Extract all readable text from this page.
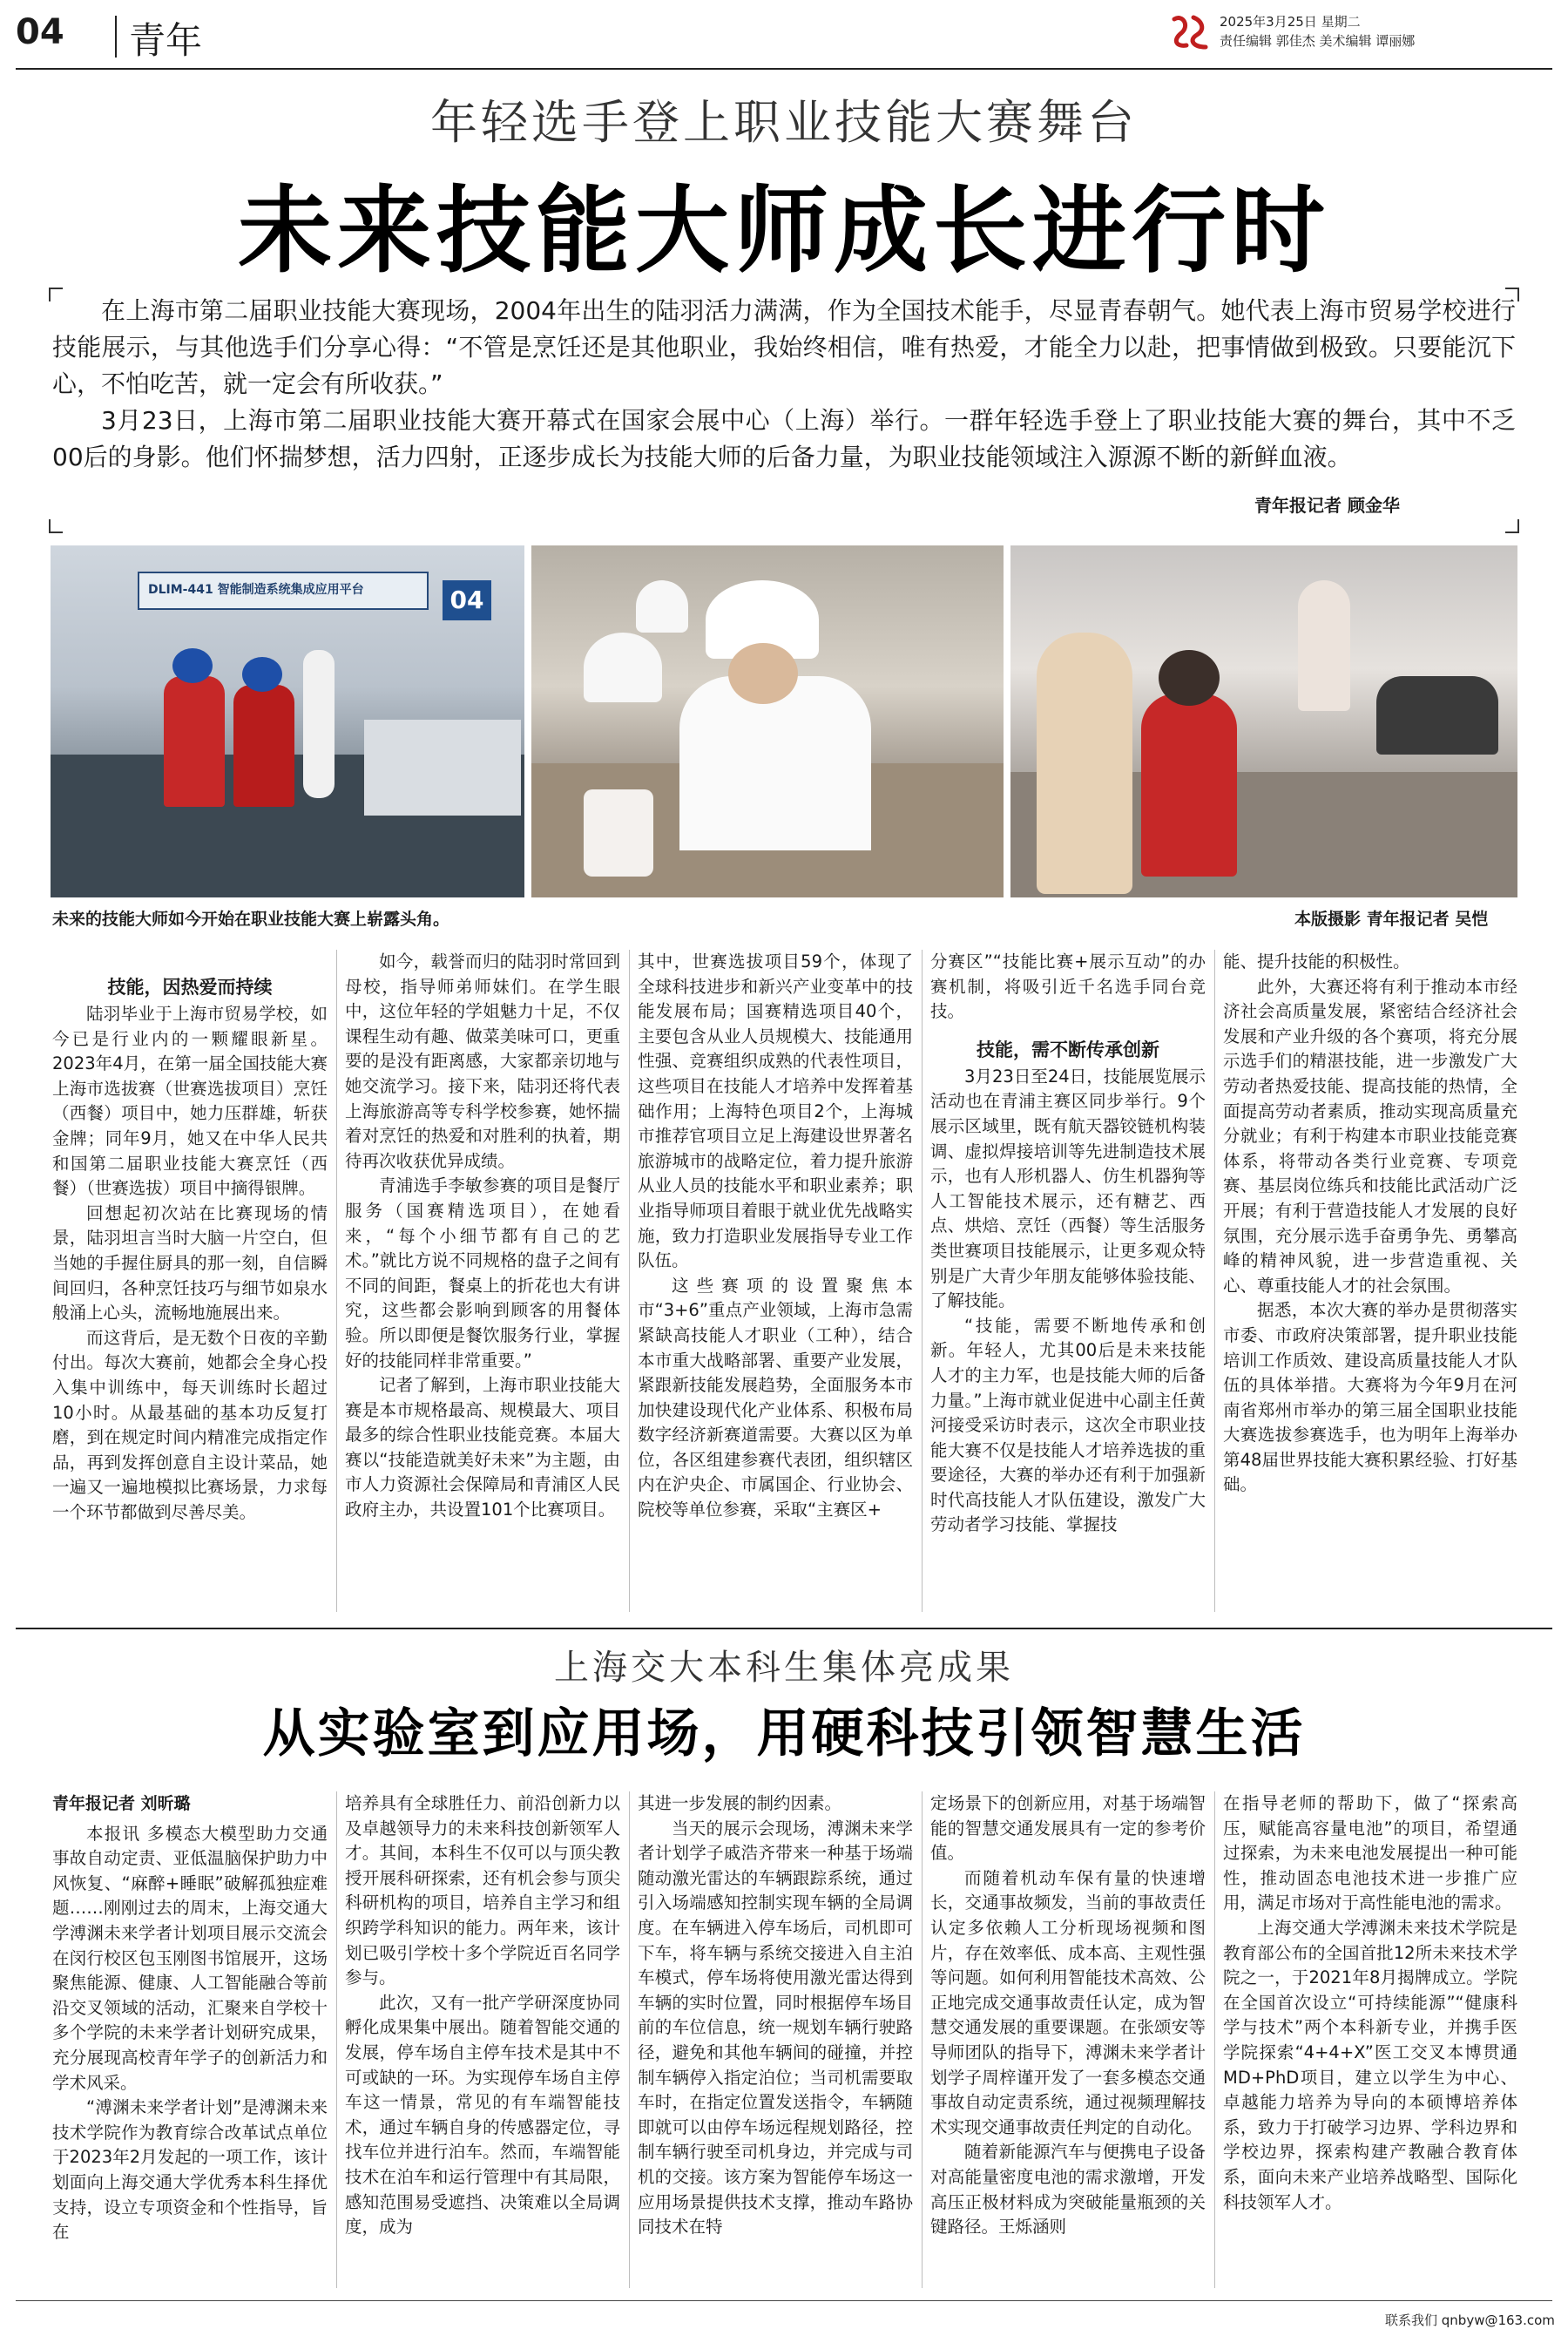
04 青年	2025年3月25日 星期二
责任编辑 郭佳杰 美术编辑 谭丽娜
年轻选手登上职业技能大赛舞台
未来技能大师成长进行时

在上海市第二届职业技能大赛现场，2004年出生的陆羽活力满满，作为全国技术能手，尽显青春朝气。她代表上海市贸易学校进行技能展示，与其他选手们分享心得：“不管是烹饪还是其他职业，我始终相信，唯有热爱，才能全力以赴，把事情做到极致。只要能沉下心，不怕吃苦，就一定会有所收获。”

3月23日，上海市第二届职业技能大赛开幕式在国家会展中心（上海）举行。一群年轻选手登上了职业技能大赛的舞台，其中不乏00后的身影。他们怀揣梦想，活力四射，正逐步成长为技能大师的后备力量，为职业技能领域注入源源不断的新鲜血液。

青年报记者 顾金华
DLIM-441 智能制造系统集成应用平台	04
未来的技能大师如今开始在职业技能大赛上崭露头角。	本版摄影 青年报记者 吴恺
技能，因热爱而持续

陆羽毕业于上海市贸易学校，如今已是行业内的一颗耀眼新星。2023年4月，在第一届全国技能大赛上海市选拔赛（世赛选拔项目）烹饪（西餐）项目中，她力压群雄，斩获金牌；同年9月，她又在中华人民共和国第二届职业技能大赛烹饪（西餐）（世赛选拔）项目中摘得银牌。

回想起初次站在比赛现场的情景，陆羽坦言当时大脑一片空白，但当她的手握住厨具的那一刻，自信瞬间回归，各种烹饪技巧与细节如泉水般涌上心头，流畅地施展出来。

而这背后，是无数个日夜的辛勤付出。每次大赛前，她都会全身心投入集中训练中，每天训练时长超过10小时。从最基础的基本功反复打磨，到在规定时间内精准完成指定作品，再到发挥创意自主设计菜品，她一遍又一遍地模拟比赛场景，力求每一个环节都做到尽善尽美。

如今，载誉而归的陆羽时常回到母校，指导师弟师妹们。在学生眼中，这位年轻的学姐魅力十足，不仅课程生动有趣、做菜美味可口，更重要的是没有距离感，大家都亲切地与她交流学习。接下来，陆羽还将代表上海旅游高等专科学校参赛，她怀揣着对烹饪的热爱和对胜利的执着，期待再次收获优异成绩。

青浦选手李敏参赛的项目是餐厅服务（国赛精选项目），在她看来，“每个小细节都有自己的艺术。”就比方说不同规格的盘子之间有不同的间距，餐桌上的折花也大有讲究，这些都会影响到顾客的用餐体验。所以即便是餐饮服务行业，掌握好的技能同样非常重要。”

记者了解到，上海市职业技能大赛是本市规格最高、规模最大、项目最多的综合性职业技能竞赛。本届大赛以“技能造就美好未来”为主题，由市人力资源社会保障局和青浦区人民政府主办，共设置101个比赛项目。

其中，世赛选拔项目59个，体现了全球科技进步和新兴产业变革中的技能发展布局；国赛精选项目40个，主要包含从业人员规模大、技能通用性强、竞赛组织成熟的代表性项目，这些项目在技能人才培养中发挥着基础作用；上海特色项目2个，上海城市推荐官项目立足上海建设世界著名旅游城市的战略定位，着力提升旅游从业人员的技能水平和职业素养；职业指导师项目着眼于就业优先战略实施，致力打造职业发展指导专业工作队伍。

这些赛项的设置聚焦本市“3+6”重点产业领域，上海市急需紧缺高技能人才职业（工种），结合本市重大战略部署、重要产业发展，紧跟新技能发展趋势，全面服务本市加快建设现代化产业体系、积极布局数字经济新赛道需要。大赛以区为单位，各区组建参赛代表团，组织辖区内在沪央企、市属国企、行业协会、院校等单位参赛，采取“主赛区+

分赛区”“技能比赛+展示互动”的办赛机制，将吸引近千名选手同台竞技。

技能，需不断传承创新

3月23日至24日，技能展览展示活动也在青浦主赛区同步举行。9个展示区域里，既有航天器铰链机构装调、虚拟焊接培训等先进制造技术展示，也有人形机器人、仿生机器狗等人工智能技术展示，还有糖艺、西点、烘焙、烹饪（西餐）等生活服务类世赛项目技能展示，让更多观众特别是广大青少年朋友能够体验技能、了解技能。

“技能，需要不断地传承和创新。年轻人，尤其00后是未来技能人才的主力军，也是技能大师的后备力量。”上海市就业促进中心副主任黄河接受采访时表示，这次全市职业技能大赛不仅是技能人才培养选拔的重要途径，大赛的举办还有利于加强新时代高技能人才队伍建设，激发广大劳动者学习技能、掌握技

能、提升技能的积极性。

此外，大赛还将有利于推动本市经济社会高质量发展，紧密结合经济社会发展和产业升级的各个赛项，将充分展示选手们的精湛技能，进一步激发广大劳动者热爱技能、提高技能的热情，全面提高劳动者素质，推动实现高质量充分就业；有利于构建本市职业技能竞赛体系，将带动各类行业竞赛、专项竞赛、基层岗位练兵和技能比武活动广泛开展；有利于营造技能人才发展的良好氛围，充分展示选手奋勇争先、勇攀高峰的精神风貌，进一步营造重视、关心、尊重技能人才的社会氛围。

据悉，本次大赛的举办是贯彻落实市委、市政府决策部署，提升职业技能培训工作质效、建设高质量技能人才队伍的具体举措。大赛将为今年9月在河南省郑州市举办的第三届全国职业技能大赛选拔参赛选手，也为明年上海举办第48届世界技能大赛积累经验、打好基础。

上海交大本科生集体亮成果
从实验室到应用场，用硬科技引领智慧生活
青年报记者 刘昕璐

本报讯 多模态大模型助力交通事故自动定责、亚低温脑保护助力中风恢复、“麻醉+睡眠”破解孤独症难题……刚刚过去的周末，上海交通大学溥渊未来学者计划项目展示交流会在闵行校区包玉刚图书馆展开，这场聚焦能源、健康、人工智能融合等前沿交叉领域的活动，汇聚来自学校十多个学院的未来学者计划研究成果，充分展现高校青年学子的创新活力和学术风采。

“溥渊未来学者计划”是溥渊未来技术学院作为教育综合改革试点单位于2023年2月发起的一项工作，该计划面向上海交通大学优秀本科生择优支持，设立专项资金和个性指导，旨在

培养具有全球胜任力、前沿创新力以及卓越领导力的未来科技创新领军人才。其间，本科生不仅可以与顶尖教授开展科研探索，还有机会参与顶尖科研机构的项目，培养自主学习和组织跨学科知识的能力。两年来，该计划已吸引学校十多个学院近百名同学参与。

此次，又有一批产学研深度协同孵化成果集中展出。随着智能交通的发展，停车场自主停车技术是其中不可或缺的一环。为实现停车场自主停车这一情景，常见的有车端智能技术，通过车辆自身的传感器定位，寻找车位并进行泊车。然而，车端智能技术在泊车和运行管理中有其局限，感知范围易受遮挡、决策难以全局调度，成为

其进一步发展的制约因素。

当天的展示会现场，溥渊未来学者计划学子戚浩齐带来一种基于场端随动激光雷达的车辆跟踪系统，通过引入场端感知控制实现车辆的全局调度。在车辆进入停车场后，司机即可下车，将车辆与系统交接进入自主泊车模式，停车场将使用激光雷达得到车辆的实时位置，同时根据停车场目前的车位信息，统一规划车辆行驶路径，避免和其他车辆间的碰撞，并控制车辆停入指定泊位；当司机需要取车时，在指定位置发送指令，车辆随即就可以由停车场远程规划路径，控制车辆行驶至司机身边，并完成与司机的交接。该方案为智能停车场这一应用场景提供技术支撑，推动车路协同技术在特

定场景下的创新应用，对基于场端智能的智慧交通发展具有一定的参考价值。

而随着机动车保有量的快速增长，交通事故频发，当前的事故责任认定多依赖人工分析现场视频和图片，存在效率低、成本高、主观性强等问题。如何利用智能技术高效、公正地完成交通事故责任认定，成为智慧交通发展的重要课题。在张颂安等导师团队的指导下，溥渊未来学者计划学子周梓谨开发了一套多模态交通事故自动定责系统，通过视频理解技术实现交通事故责任判定的自动化。

随着新能源汽车与便携电子设备对高能量密度电池的需求激增，开发高压正极材料成为突破能量瓶颈的关键路径。王烁涵则

在指导老师的帮助下，做了“探索高压，赋能高容量电池”的项目，希望通过探索，为未来电池发展提出一种可能性，推动固态电池技术进一步推广应用，满足市场对于高性能电池的需求。

上海交通大学溥渊未来技术学院是教育部公布的全国首批12所未来技术学院之一，于2021年8月揭牌成立。学院在全国首次设立“可持续能源”“健康科学与技术”两个本科新专业，并携手医学院探索“4+4+X”医工交叉本博贯通MD+PhD项目，建立以学生为中心、卓越能力培养为导向的本硕博培养体系，致力于打破学习边界、学科边界和学校边界，探索构建产教融合教育体系，面向未来产业培养战略型、国际化科技领军人才。

联系我们 qnbyw@163.com
